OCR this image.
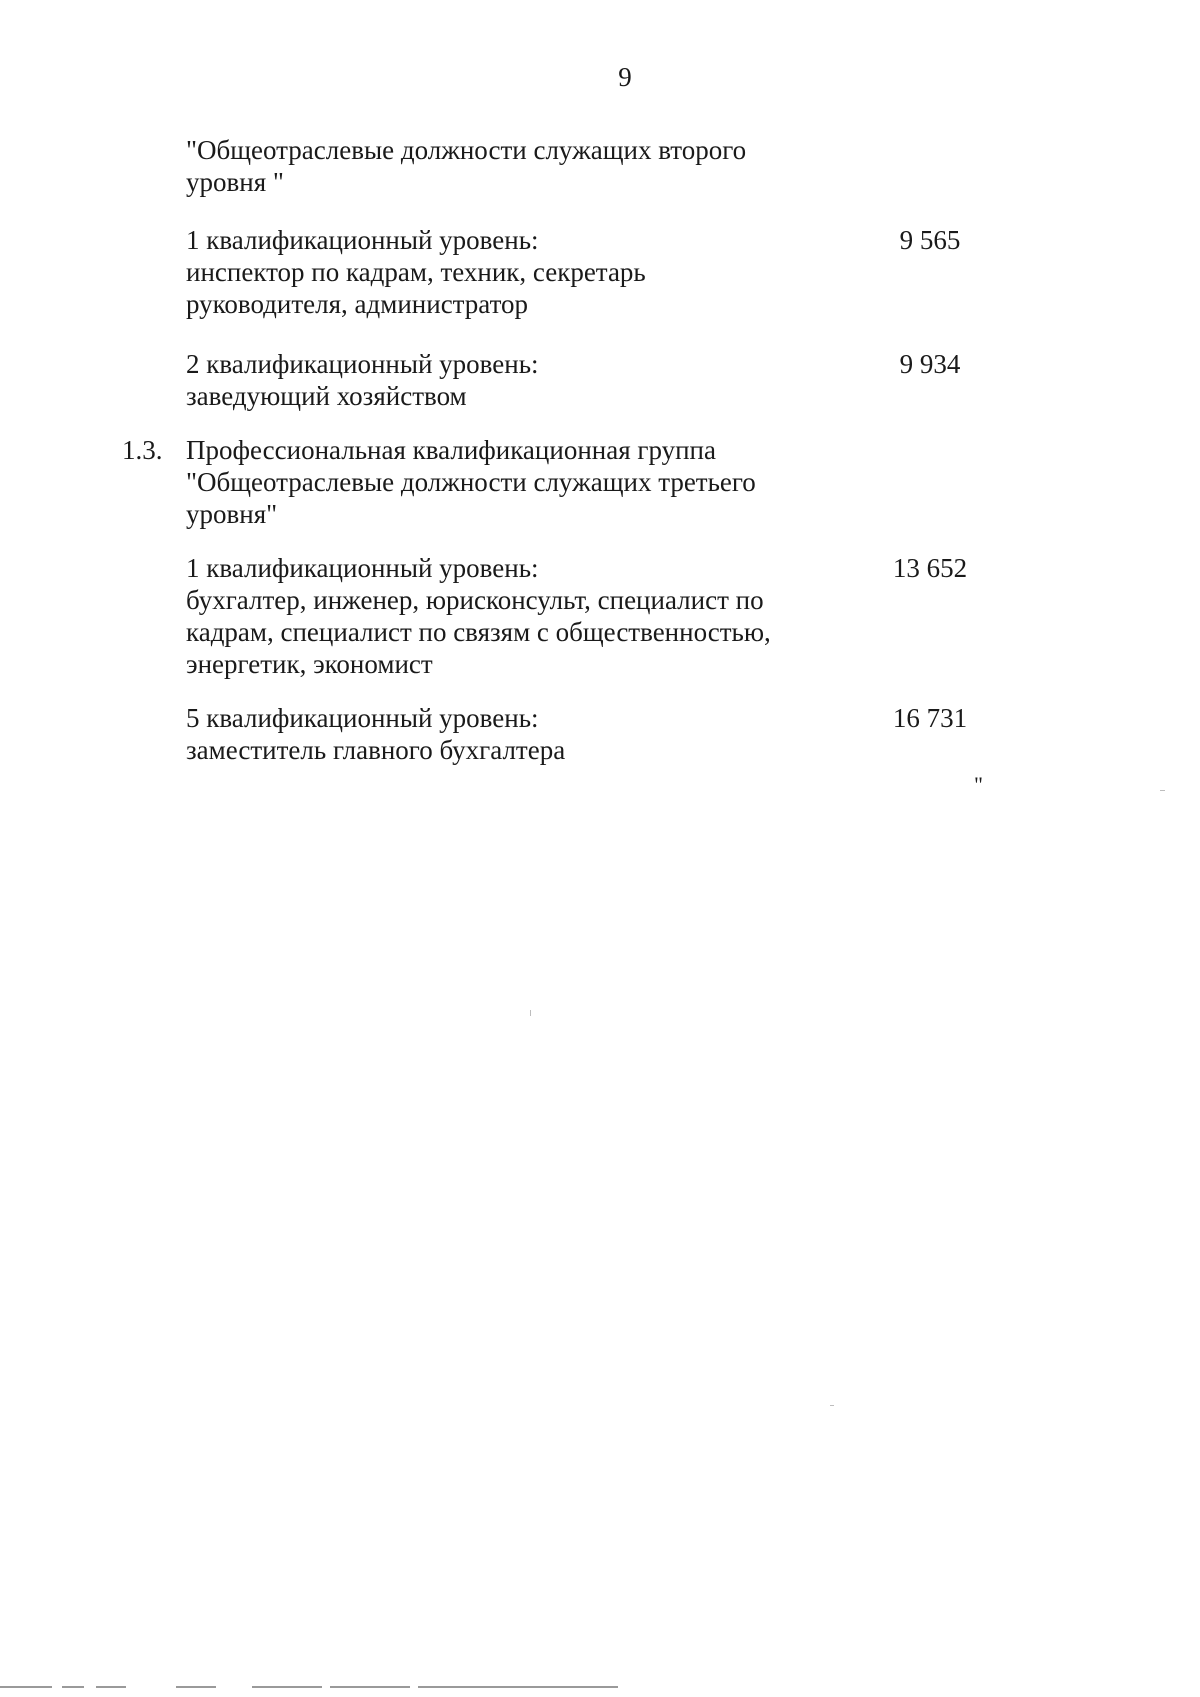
9
"Общеотраслевые должности служащих второго
уровня "
1 квалификационный уровень:
инспектор по кадрам, техник, секретарь
руководителя, администратор
9 565
2 квалификационный уровень:
заведующий хозяйством
9 934
1.3. Профессиональная квалификационная группа
"Общеотраслевые должности служащих третьего
уровня"
1 квалификационный уровень:
бухгалтер, инженер, юрисконсульт, специалист по
кадрам, специалист по связям с общественностью,
энергетик, экономист
13 652
5 квалификационный уровень:
заместитель главного бухгалтера
16 731
"
